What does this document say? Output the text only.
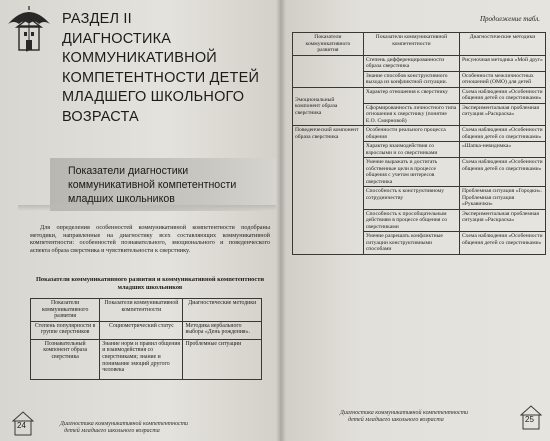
РАЗДЕЛ II
ДИАГНОСТИКА
КОММУНИКАТИВНОЙ
КОМПЕТЕНТНОСТИ ДЕТЕЙ
МЛАДШЕГО ШКОЛЬНОГО
ВОЗРАСТА
Показатели диагностики
коммуникативной компетентности
младших школьников

Для определения особенностей коммуникативной компетентности подобраны методики, направленные на диагностику всех составляющих коммуникативной компетентности: особенностей познавательного, эмоционального и поведенческого аспекта образа сверстника и чувствительности к сверстнику.

Показатели коммуникативного развития и коммуникативной компетентности младших школьников

Показатели коммуникативного развития	Показатели коммуникативной компетентности	Диагностические методики
Степень популярности в группе сверстников	Социометрический статус	Методика вербального выбора «День рождения».
Познавательный компонент образа сверстника	Знание норм и правил общения и взаимодействия со сверстниками; знание и понимание эмоций другого человека	Проблемные ситуации
24	Диагностика коммуникативной компетентности
детей младшего школьного возраста
Продолжение табл.
Показатели коммуникативного развития	Показатели коммуникативной компетентности	Диагностические методики
	Степень дифференцированности образа сверстника	Рисуночная методика «Мой друг»
	Знание способов конструктивного выхода из конфликтной ситуации.	Особенности межличностных отношений (ОМО) для детей
Эмоциональный компонент образа сверстника	Характер отношения к сверстнику	Схема наблюдения «Особенности общения детей со сверстниками»
	Сформированность личностного типа отношения к сверстнику (понятие Е.О. Смирновой)	Экспериментальная проблемная ситуация «Раскраска»
Поведенческий компонент образа сверстника	Особенности реального процесса общения	Схема наблюдения «Особенности общения детей со сверстниками»
	Характер взаимодействия со взрослыми и со сверстниками	«Шапка-невидимка»
	Умение выражать и достигать собственные цели в процессе общения с учетом интересов сверстника	Схема наблюдения «Особенности общения детей со сверстниками»
	Способность к конструктивному сотрудничеству	Проблемная ситуация «Городки». Проблемная ситуация «Рукавички»
	Способность к прособщательным действиям в процессе общения со сверстниками	Экспериментальная проблемная ситуация «Раскраска»
	Умение разрешать конфликтные ситуации конструктивными способами	Схема наблюдения «Особенности общения детей со сверстниками»
Диагностика коммуникативной компетентности
детей младшего школьного возраста	25
